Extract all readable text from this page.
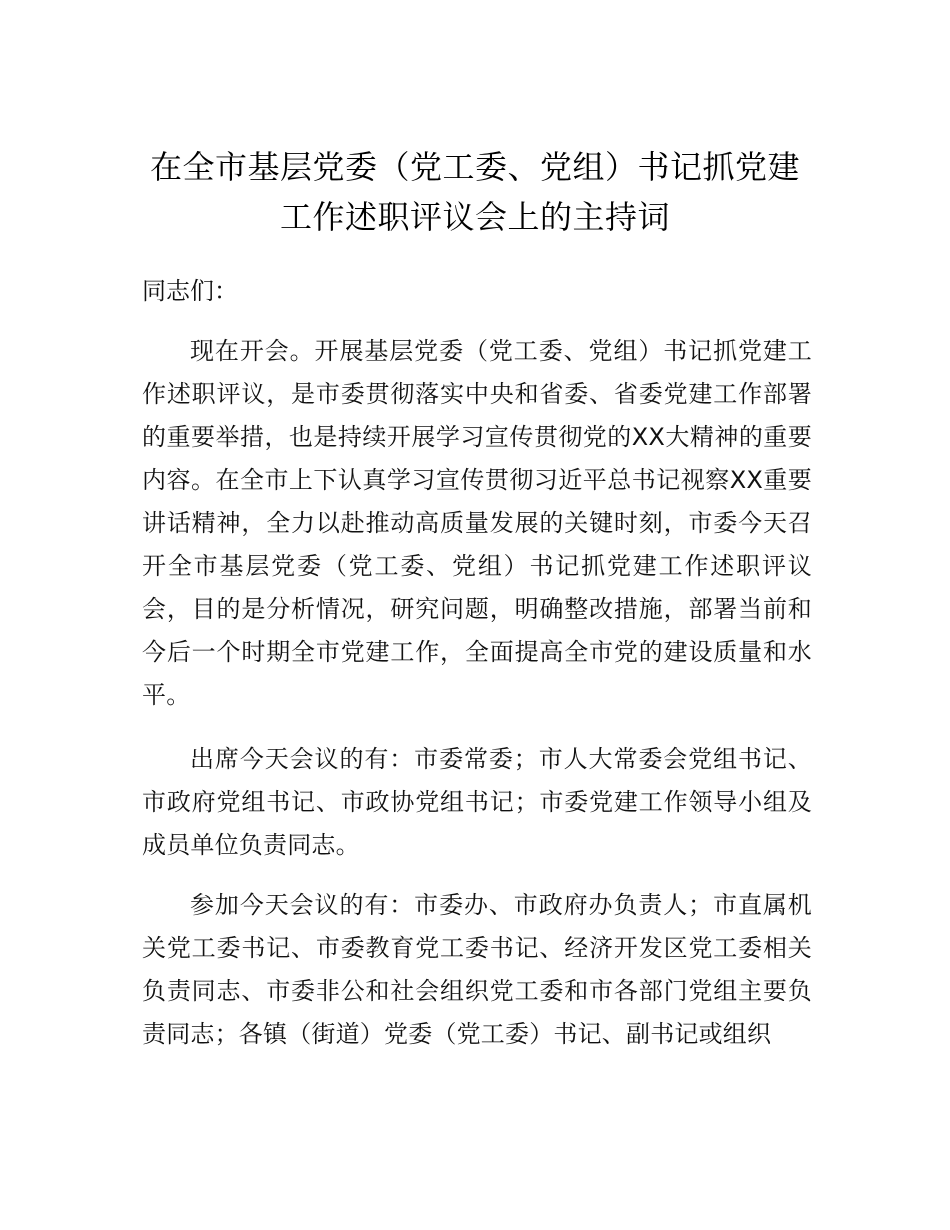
在全市基层党委（党工委、党组）书记抓党建工作述职评议会上的主持词

同志们：

现在开会。开展基层党委（党工委、党组）书记抓党建工作述职评议，是市委贯彻落实中央和省委、省委党建工作部署的重要举措，也是持续开展学习宣传贯彻党的XX大精神的重要内容。在全市上下认真学习宣传贯彻习近平总书记视察XX重要讲话精神，全力以赴推动高质量发展的关键时刻，市委今天召开全市基层党委（党工委、党组）书记抓党建工作述职评议会，目的是分析情况，研究问题，明确整改措施，部署当前和今后一个时期全市党建工作，全面提高全市党的建设质量和水平。

出席今天会议的有：市委常委；市人大常委会党组书记、市政府党组书记、市政协党组书记；市委党建工作领导小组及成员单位负责同志。

参加今天会议的有：市委办、市政府办负责人；市直属机关党工委书记、市委教育党工委书记、经济开发区党工委相关负责同志、市委非公和社会组织党工委和市各部门党组主要负责同志；各镇（街道）党委（党工委）书记、副书记或组织
